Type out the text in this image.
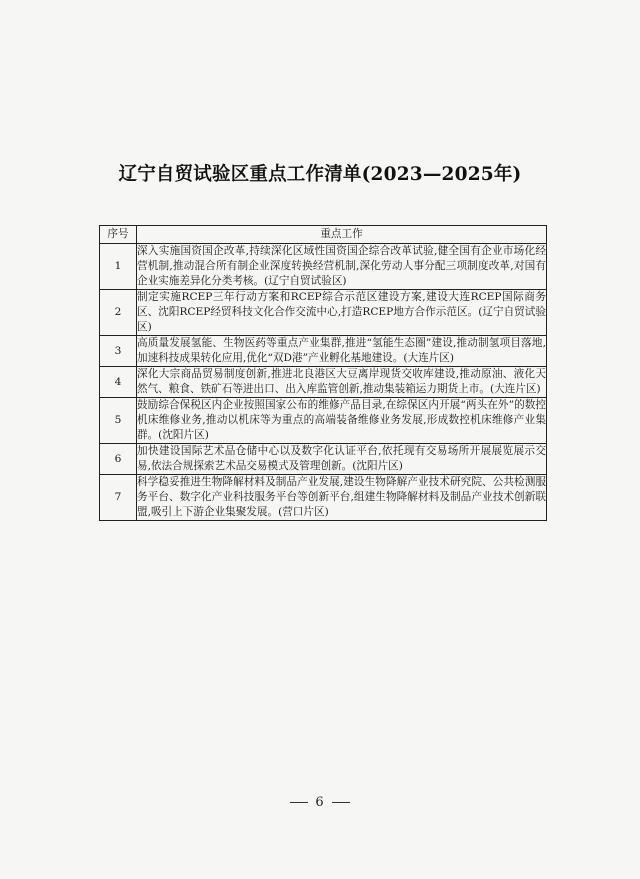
辽宁自贸试验区重点工作清单(2023—2025年)
序号	重点工作
1	深入实施国资国企改革,持续深化区域性国资国企综合改革试验,健全国有企业市场化经营机制,推动混合所有制企业深度转换经营机制,深化劳动人事分配三项制度改革,对国有企业实施差异化分类考核。(辽宁自贸试验区)
2	制定实施RCEP三年行动方案和RCEP综合示范区建设方案,建设大连RCEP国际商务区、沈阳RCEP经贸科技文化合作交流中心,打造RCEP地方合作示范区。(辽宁自贸试验区)
3	高质量发展氢能、生物医药等重点产业集群,推进“氢能生态圈”建设,推动制氢项目落地,加速科技成果转化应用,优化“双D港”产业孵化基地建设。(大连片区)
4	深化大宗商品贸易制度创新,推进北良港区大豆离岸现货交收库建设,推动原油、液化天然气、粮食、铁矿石等进出口、出入库监管创新,推动集装箱运力期货上市。(大连片区)
5	鼓励综合保税区内企业按照国家公布的维修产品目录,在综保区内开展“两头在外”的数控机床维修业务,推动以机床等为重点的高端装备维修业务发展,形成数控机床维修产业集群。(沈阳片区)
6	加快建设国际艺术品仓储中心以及数字化认证平台,依托现有交易场所开展展览展示交易,依法合规探索艺术品交易模式及管理创新。(沈阳片区)
7	科学稳妥推进生物降解材料及制品产业发展,建设生物降解产业技术研究院、公共检测服务平台、数字化产业科技服务平台等创新平台,组建生物降解材料及制品产业技术创新联盟,吸引上下游企业集聚发展。(营口片区)
6
